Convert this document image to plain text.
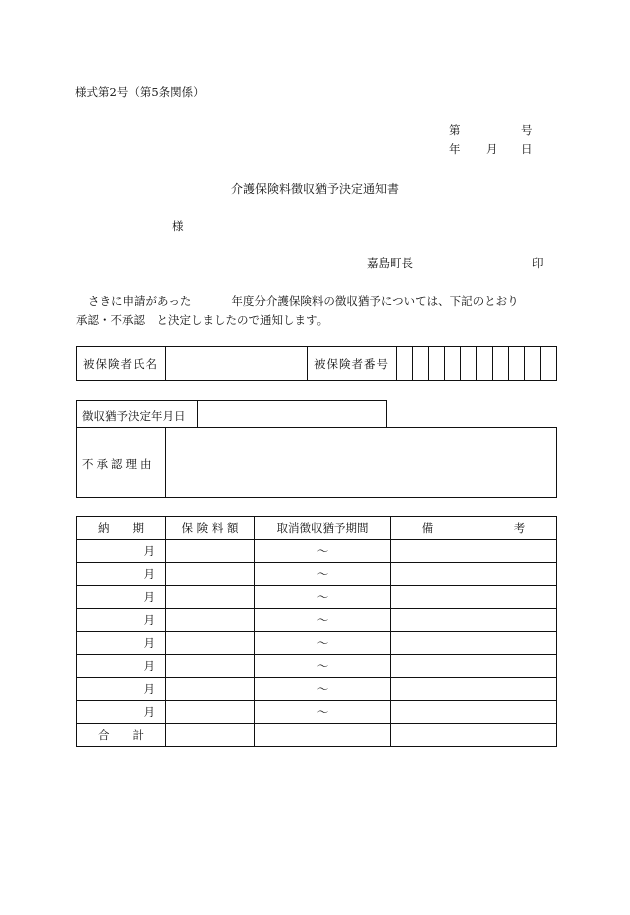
様式第2号（第5条関係）
第	号
年 月 日
介護保険料徴収猶予決定通知書
様
嘉島町長	印
さきに申請があった	年度分介護保険料の徴収猶予については、下記のとおり
承認・不承認　と決定しましたので通知します。
被保険者氏名		被保険者番号										
徴収猶予決定年月日
不承認理由
納　　期	保 険 料 額	取消徴収猶予期間	備　　　　　　　考
月		～	
月		～	
月		～	
月		～	
月		～	
月		～	
月		～	
月		～	
合　　計			
